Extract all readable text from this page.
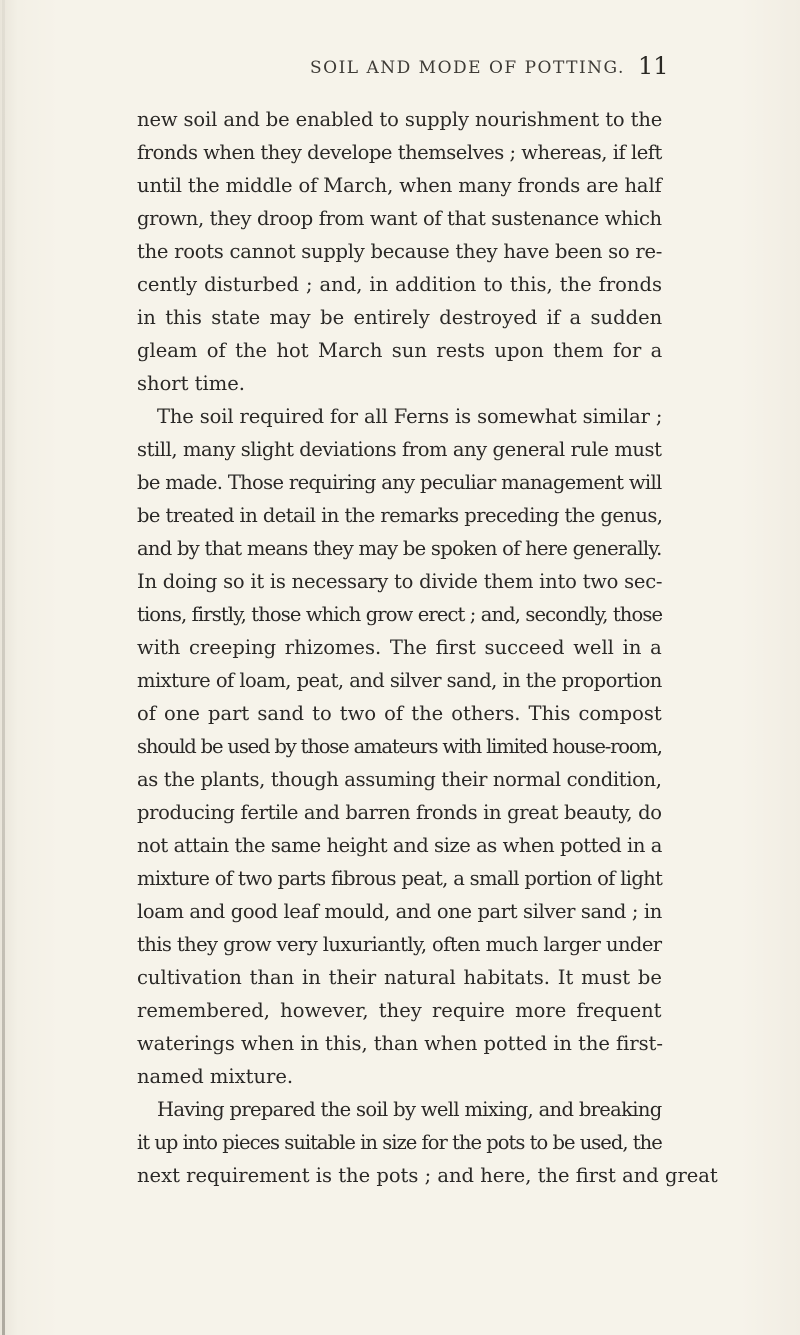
SOIL AND MODE OF POTTING. 11
new soil and be enabled to supply nourishment to the
fronds when they develope themselves ; whereas, if left
until the middle of March, when many fronds are half
grown, they droop from want of that sustenance which
the roots cannot supply because they have been so re-
cently disturbed ; and, in addition to this, the fronds
in this state may be entirely destroyed if a sudden
gleam of the hot March sun rests upon them for a
short time.
The soil required for all Ferns is somewhat similar ;
still, many slight deviations from any general rule must
be made. Those requiring any peculiar management will
be treated in detail in the remarks preceding the genus,
and by that means they may be spoken of here generally.
In doing so it is necessary to divide them into two sec-
tions, firstly, those which grow erect ; and, secondly, those
with creeping rhizomes. The first succeed well in a
mixture of loam, peat, and silver sand, in the proportion
of one part sand to two of the others. This compost
should be used by those amateurs with limited house-room,
as the plants, though assuming their normal condition,
producing fertile and barren fronds in great beauty, do
not attain the same height and size as when potted in a
mixture of two parts fibrous peat, a small portion of light
loam and good leaf mould, and one part silver sand ; in
this they grow very luxuriantly, often much larger under
cultivation than in their natural habitats. It must be
remembered, however, they require more frequent
waterings when in this, than when potted in the first-
named mixture.
Having prepared the soil by well mixing, and breaking
it up into pieces suitable in size for the pots to be used, the
next requirement is the pots ; and here, the first and great
